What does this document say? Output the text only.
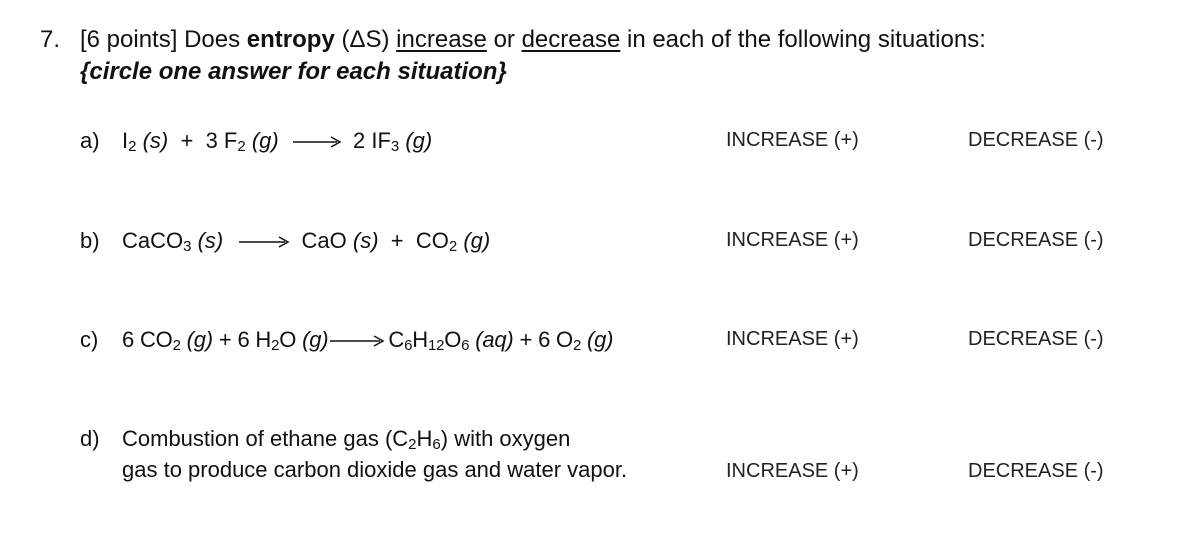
7. [6 points] Does entropy (ΔS) increase or decrease in each of the following situations:
{circle one answer for each situation}
a)	$I_2$ (s) + 3 $F_2$ (g) → 2 $IF_3$ (g)	INCREASE (+)	DECREASE (-)
b)	CaCO$_3$ (s) → CaO $(s) + CO_2$ (g)	INCREASE (+)	DECREASE (-)
c)	6 $CO_2$ (g) + 6 $H_2O$ $(g)\to C_6H_{12}O_6$ (aq) + 6 $O_2$ (g)	INCREASE (+)	DECREASE (-)
d)	Combustion of ethane gas $(C_2H_6)$ with oxygen
gas to produce carbon dioxide gas and water vapor.	INCREASE (+)	DECREASE (-)
